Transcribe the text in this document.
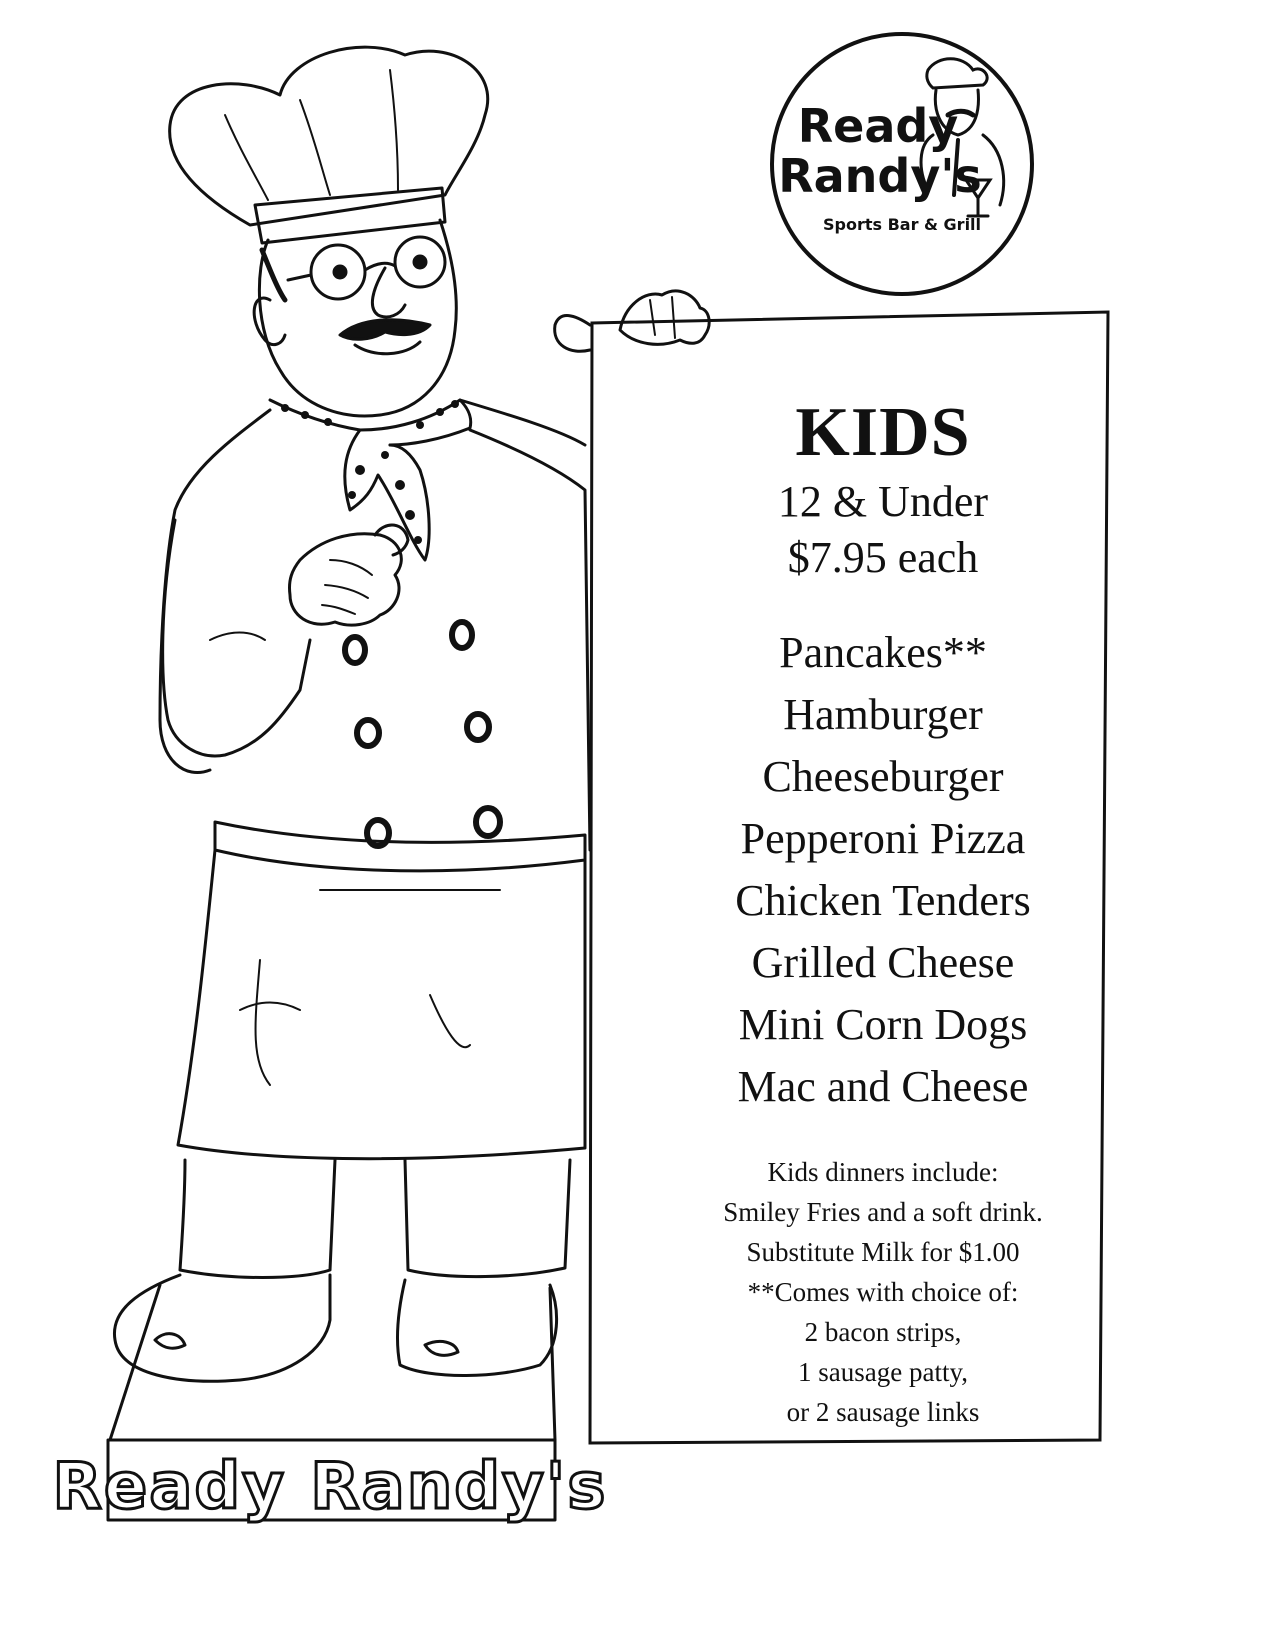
Ready Randy's
Ready
Randy's
Sports Bar & Grill
KIDS
12 & Under
$7.95 each
Pancakes**
Hamburger
Cheeseburger
Pepperoni Pizza
Chicken Tenders
Grilled Cheese
Mini Corn Dogs
Mac and Cheese
Kids dinners include:
Smiley Fries and a soft drink.
Substitute Milk for $1.00
**Comes with choice of:
2 bacon strips,
1 sausage patty,
or 2 sausage links
